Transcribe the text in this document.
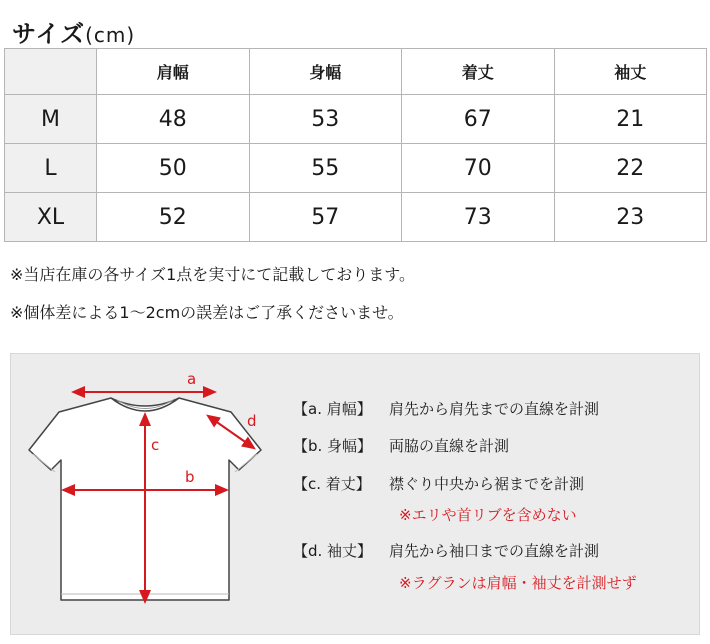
サイズ(cm)
	肩幅	身幅	着丈	袖丈
M	48	53	67	21
L	50	55	70	22
XL	52	57	73	23
※当店在庫の各サイズ1点を実寸にて記載しております。
※個体差による1〜2cmの誤差はご了承くださいませ。
a
c
b
d
【a. 肩幅】 肩先から肩先までの直線を計測
【b. 身幅】 両脇の直線を計測
【c. 着丈】 襟ぐり中央から裾までを計測
※エリや首リブを含めない
【d. 袖丈】 肩先から袖口までの直線を計測
※ラグランは肩幅・袖丈を計測せず
